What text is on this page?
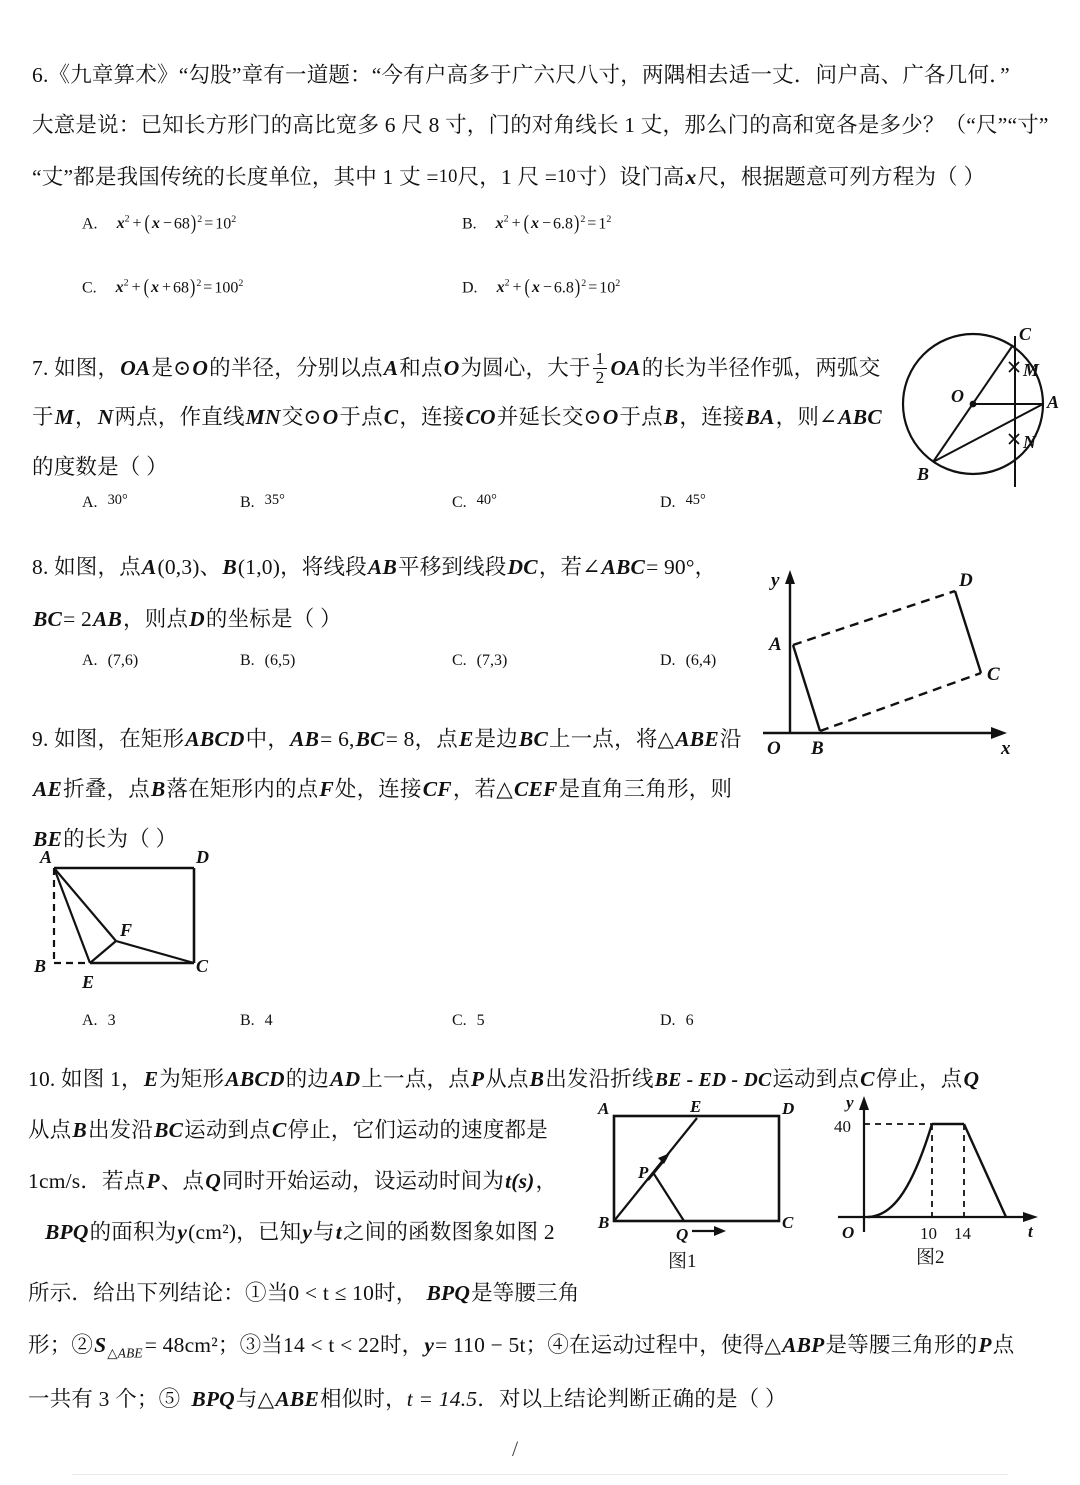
6.《九章算术》“勾股”章有一道题：“今有户高多于广六尺八寸，两隅相去适一丈．问户高、广各几何．”
大意是说：已知长方形门的高比宽多 6 尺 8 寸，门的对角线长 1 丈，那么门的高和宽各是多少？（“尺”“寸”
“丈”都是我国传统的长度单位，其中 1 丈 =10尺，1 尺 =10寸）设门高x尺，根据题意可列方程为（ ）
A. $x^2$ + ( $x - 68)^2 = 10^2$	B. $x^2$ + ( $x - 6.8)^2 = 1^2$
C. $x^2$ + ( $x + 68)^2 = 100^2$	D. $x^2$ + ( $x - 6.8)^2 = 10^2$
7. 如图，OA是⊙O的半径，分别以点A和点O为圆心，大于 $\frac{1}{2}$ OA的长为半径作弧，两弧交
于M，N两点，作直线MN交⊙O于点C，连接CO并延长交⊙O于点B，连接BA，则∠ABC
的度数是（ ）
A. 30°	B. 35°	C. 40°	D. 45°
C
M
N
O	A
B
8. 如图，点A(0,3)、B(1,0)，将线段AB平移到线段DC，若∠ABC= 90°，
BC= 2AB，则点D的坐标是（ ）
A. (7,6)	B. (6,5)	C. (7,3)	D. (6,4)
y
x
O
A
B
C
D
9. 如图，在矩形ABCD中，AB= 6,BC= 8，点E是边BC上一点，将△ABE沿
AE折叠，点B落在矩形内的点F处，连接CF，若△CEF是直角三角形，则
BE的长为（ ）
A	D
B	C
E
F
A. 3	B. 4	C. 5	D. 6
10. 如图 1，E为矩形ABCD的边AD上一点，点P从点B出发沿折线BE - ED - DC运动到点C停止，点Q
从点B出发沿BC运动到点C停止，它们运动的速度都是
1cm/s．若点P、点Q同时开始运动，设运动时间为t(s)，
BPQ的面积为y(cm²)，已知y与t之间的函数图象如图 2
所示．给出下列结论：①当0 < t ≤ 10时， BPQ是等腰三角
形；$②S_{\triangle ABE}= 48cm^2$；③当14 < t < 22时，y= 110 − 5t；④在运动过程中，使得△ABP是等腰三角形的P点
一共有 3 个；⑤ BPQ与△ABE相似时，t = 14.5．对以上结论判断正确的是（ ）
A	E	D
P
B
Q
C
图1
40
10 14
O	t
y
图2
/
